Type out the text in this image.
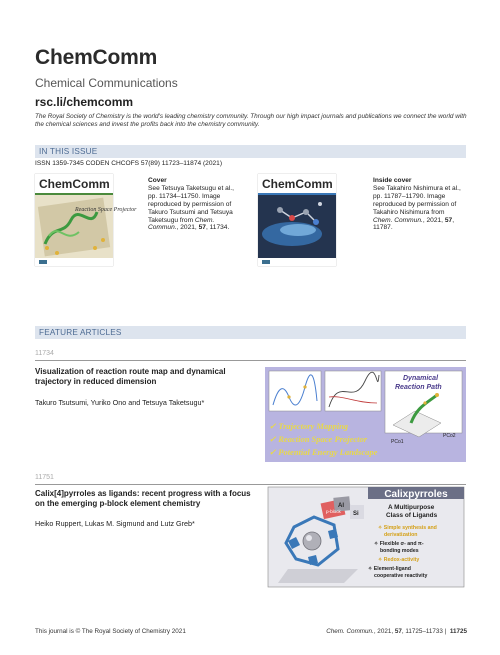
ChemComm
Chemical Communications
rsc.li/chemcomm
The Royal Society of Chemistry is the world's leading chemistry community. Through our high impact journals and publications we connect the world with the chemical sciences and invest the profits back into the chemistry community.
IN THIS ISSUE
ISSN 1359-7345 CODEN CHCOFS 57(89) 11723–11874 (2021)
ChemComm
Reaction Space Projector
Cover
See Tetsuya Taketsugu et al., pp. 11734–11750. Image reproduced by permission of Takuro Tsutsumi and Tetsuya Taketsugu from Chem. Commun., 2021, 57, 11734.
ChemComm	Inside cover
See Takahiro Nishimura et al., pp. 11787–11790. Image reproduced by permission of Takahiro Nishimura from Chem. Commun., 2021, 57, 11787.
FEATURE ARTICLES
11734
Visualization of reaction route map and dynamical trajectory in reduced dimension
Takuro Tsutsumi, Yuriko Ono and Tetsuya Taketsugu*
Dynamical
Reaction Path
PCo1
PCo2
✓ Trajectory Mapping
✓ Reaction Space Projector
✓ Potential Energy Landscape
11751
Calix[4]pyrroles as ligands: recent progress with a focus on the emerging p-block element chemistry
Heiko Ruppert, Lukas M. Sigmund and Lutz Greb*
Calixpyrroles
A Multipurpose
Class of Ligands
✧ Simple synthesis and
derivatization
✧ Flexible σ- and π-
bonding modes
✧ Redox-activity
✧ Element-ligand
cooperative reactivity
p-block
Al
Si
This journal is © The Royal Society of Chemistry 2021	Chem. Commun., 2021, 57, 11725–11733 | 11725
